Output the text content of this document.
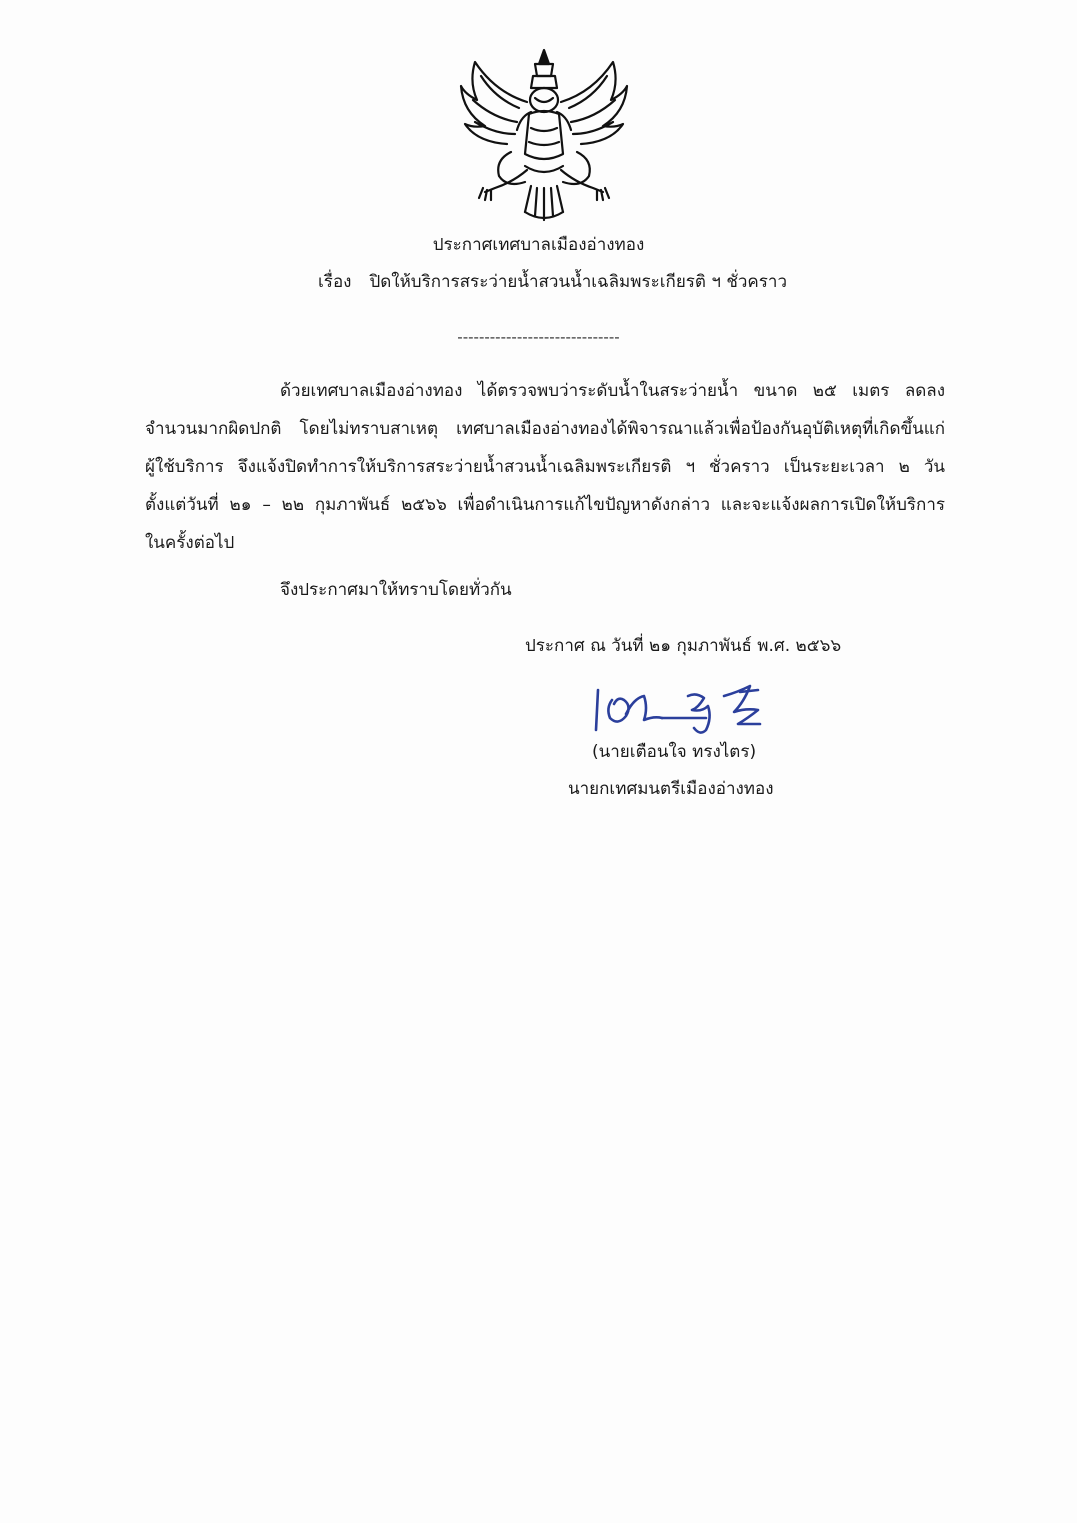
ประกาศเทศบาลเมืองอ่างทอง
เรื่อง ปิดให้บริการสระว่ายน้ำสวนน้ำเฉลิมพระเกียรติ ฯ ชั่วคราว
------------------------------
ด้วยเทศบาลเมืองอ่างทอง ได้ตรวจพบว่าระดับน้ำในสระว่ายน้ำ ขนาด ๒๕ เมตร ลดลง
จำนวนมากผิดปกติ โดยไม่ทราบสาเหตุ เทศบาลเมืองอ่างทองได้พิจารณาแล้วเพื่อป้องกันอุบัติเหตุที่เกิดขึ้นแก่
ผู้ใช้บริการ จึงแจ้งปิดทำการให้บริการสระว่ายน้ำสวนน้ำเฉลิมพระเกียรติ ฯ ชั่วคราว เป็นระยะเวลา ๒ วัน
ตั้งแต่วันที่ ๒๑ – ๒๒ กุมภาพันธ์ ๒๕๖๖ เพื่อดำเนินการแก้ไขปัญหาดังกล่าว และจะแจ้งผลการเปิดให้บริการ
ในครั้งต่อไป
จึงประกาศมาให้ทราบโดยทั่วกัน
ประกาศ ณ วันที่ ๒๑ กุมภาพันธ์ พ.ศ. ๒๕๖๖
(นายเตือนใจ ทรงไตร)
นายกเทศมนตรีเมืองอ่างทอง
